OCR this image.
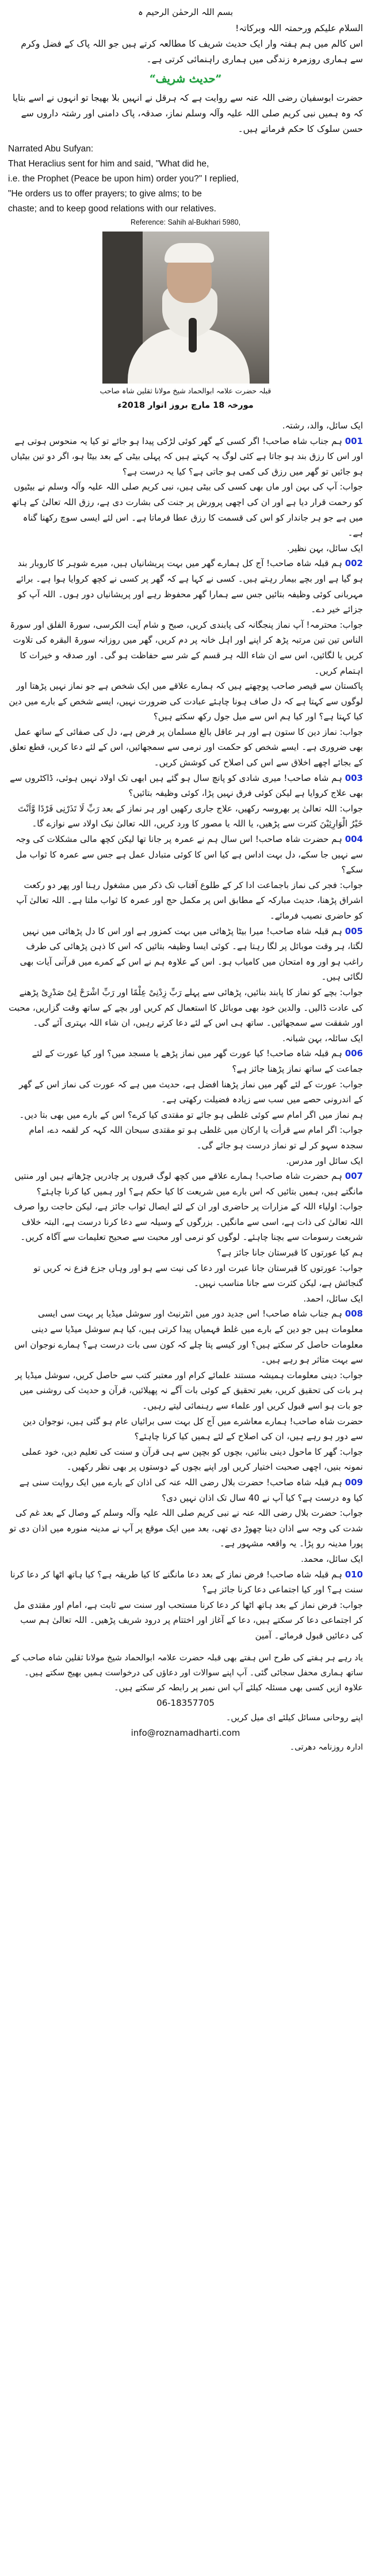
بسم اللہ الرحمٰن الرحیم ہ

السلام علیکم ورحمتہ اللہ وبرکاتہ!

اس کالم میں ہم ہفتہ وار ایک حدیث شریف کا مطالعہ کرتے ہیں جو اللہ پاک کے فضل وکرم سے ہماری روزمرہ زندگی میں ہماری راہنمائی کرتی ہے۔

”حدیث شریف“

حضرت ابوسفیان رضی اللہ عنہ سے روایت ہے کہ ہرقل نے انہیں بلا بھیجا تو انہوں نے اسے بتایا کہ وہ ہمیں نبی کریم صلی اللہ علیہ وآلہ وسلم نماز، صدقہ، پاک دامنی اور رشتہ داروں سے حسن سلوک کا حکم فرماتے ہیں۔

Narrated Abu Sufyan:

That Heraclius sent for him and said, "What did he,

i.e. the Prophet (Peace be upon him) order you?" I replied,

"He orders us to offer prayers; to give alms; to be

chaste; and to keep good relations with our relatives.

Reference: Sahih al-Bukhari 5980,

قبلہ حضرت علامہ ابوالحماد شیخ مولانا ثقلین شاہ صاحب

مورخہ 18 مارچ بروز اتوار 2018ء

ایک سائل، والد، رشتہ.

001 ہم جناب شاہ صاحب! اگر کسی کے گھر کوئی لڑکی پیدا ہو جائے تو کیا یہ منحوس ہوتی ہے اور اس کا رزق بند ہو جاتا ہے کئی لوگ یہ کہتے ہیں کہ پہلی بیٹی کے بعد بیٹا ہو، اگر دو تین بیٹیاں ہو جائیں تو گھر میں رزق کی کمی ہو جاتی ہے؟ کیا یہ درست ہے؟

جواب: آپ کی بہن اور ماں بھی کسی کی بیٹی ہیں، نبی کریم صلی اللہ علیہ وآلہ وسلم نے بیٹیوں کو رحمت قرار دیا ہے اور ان کی اچھی پرورش پر جنت کی بشارت دی ہے، رزق اللہ تعالیٰ کے ہاتھ میں ہے جو ہر جاندار کو اس کی قسمت کا رزق عطا فرماتا ہے۔ اس لئے ایسی سوچ رکھنا گناہ ہے۔

ایک سائل، بہن نظیر.

002 ہم قبلہ شاہ صاحب! آج کل ہمارے گھر میں بہت پریشانیاں ہیں، میرے شوہر کا کاروبار بند ہو گیا ہے اور بچے بیمار رہتے ہیں۔ کسی نے کہا ہے کہ گھر پر کسی نے کچھ کروایا ہوا ہے۔ برائے مہربانی کوئی وظیفہ بتائیں جس سے ہمارا گھر محفوظ رہے اور پریشانیاں دور ہوں۔ اللہ آپ کو جزائے خیر دے۔

جواب: محترمہ! آپ نماز پنجگانہ کی پابندی کریں، صبح و شام آیت الکرسی، سورۃ الفلق اور سورۃ الناس تین تین مرتبہ پڑھ کر اپنے اور اہل خانہ پر دم کریں، گھر میں روزانہ سورۃ البقرہ کی تلاوت کریں یا لگائیں، اس سے ان شاء اللہ ہر قسم کے شر سے حفاظت ہو گی۔ اور صدقہ و خیرات کا اہتمام کریں۔

پاکستان سے قیصر صاحب پوچھتے ہیں کہ ہمارے علاقے میں ایک شخص ہے جو نماز نہیں پڑھتا اور لوگوں سے کہتا ہے کہ دل صاف ہونا چاہئے عبادت کی ضرورت نہیں، ایسے شخص کے بارے میں دین کیا کہتا ہے؟ اور کیا ہم اس سے میل جول رکھ سکتے ہیں؟

جواب: نماز دین کا ستون ہے اور ہر عاقل بالغ مسلمان پر فرض ہے، دل کی صفائی کے ساتھ عمل بھی ضروری ہے۔ ایسے شخص کو حکمت اور نرمی سے سمجھائیں، اس کے لئے دعا کریں، قطع تعلق کے بجائے اچھے اخلاق سے اس کی اصلاح کی کوشش کریں۔

003 ہم شاہ صاحب! میری شادی کو پانچ سال ہو گئے ہیں ابھی تک اولاد نہیں ہوئی، ڈاکٹروں سے بھی علاج کروایا ہے لیکن کوئی فرق نہیں پڑا، کوئی وظیفہ بتائیں؟

جواب: اللہ تعالیٰ پر بھروسہ رکھیں، علاج جاری رکھیں اور ہر نماز کے بعد رَبِّ لَا تَذَرْنِی فَرْدًا وَّاَنْتَ خَیْرُ الْوَارِثِیْنَ کثرت سے پڑھیں، یا اللہ یا مصور کا ورد کریں، اللہ تعالیٰ نیک اولاد سے نوازے گا۔

004 ہم حضرت شاہ صاحب! اس سال ہم نے عمرہ پر جانا تھا لیکن کچھ مالی مشکلات کی وجہ سے نہیں جا سکے، دل بہت اداس ہے کیا اس کا کوئی متبادل عمل ہے جس سے عمرہ کا ثواب مل سکے؟

جواب: فجر کی نماز باجماعت ادا کر کے طلوع آفتاب تک ذکر میں مشغول رہنا اور پھر دو رکعت اشراق پڑھنا، حدیث مبارکہ کے مطابق اس پر مکمل حج اور عمرہ کا ثواب ملتا ہے۔ اللہ تعالیٰ آپ کو حاضری نصیب فرمائے۔

005 ہم قبلہ شاہ صاحب! میرا بیٹا پڑھائی میں بہت کمزور ہے اور اس کا دل پڑھائی میں نہیں لگتا، ہر وقت موبائل پر لگا رہتا ہے۔ کوئی ایسا وظیفہ بتائیں کہ اس کا ذہن پڑھائی کی طرف راغب ہو اور وہ امتحان میں کامیاب ہو۔ اس کے علاوہ ہم نے اس کے کمرے میں قرآنی آیات بھی لگائی ہیں۔

جواب: بچے کو نماز کا پابند بنائیں، پڑھائی سے پہلے رَبِّ زِدْنِیْ عِلْمًا اور رَبِّ اشْرَحْ لِیْ صَدْرِیْ پڑھنے کی عادت ڈالیں۔ والدین خود بھی موبائل کا استعمال کم کریں اور بچے کے ساتھ وقت گزاریں، محبت اور شفقت سے سمجھائیں۔ ساتھ ہی اس کے لئے دعا کرتے رہیں، ان شاء اللہ بہتری آئے گی۔

ایک سائلہ، بہن شبانہ.

006 ہم قبلہ شاہ صاحب! کیا عورت گھر میں نماز پڑھے یا مسجد میں؟ اور کیا عورت کے لئے جماعت کے ساتھ نماز پڑھنا جائز ہے؟

جواب: عورت کے لئے گھر میں نماز پڑھنا افضل ہے، حدیث میں ہے کہ عورت کی نماز اس کے گھر کے اندرونی حصے میں سب سے زیادہ فضیلت رکھتی ہے۔

ہم نماز میں اگر امام سے کوئی غلطی ہو جائے تو مقتدی کیا کرے؟ اس کے بارے میں بھی بتا دیں۔

جواب: اگر امام سے قرأت یا ارکان میں غلطی ہو تو مقتدی سبحان اللہ کہہ کر لقمہ دے، امام سجدہ سہو کر لے تو نماز درست ہو جائے گی۔

ایک سائل اور مدرس.

007 ہم حضرت شاہ صاحب! ہمارے علاقے میں کچھ لوگ قبروں پر چادریں چڑھاتے ہیں اور منتیں مانگتے ہیں، ہمیں بتائیں کہ اس بارے میں شریعت کا کیا حکم ہے؟ اور ہمیں کیا کرنا چاہئے؟

جواب: اولیاء اللہ کے مزارات پر حاضری اور ان کے لئے ایصال ثواب جائز ہے، لیکن حاجت روا صرف اللہ تعالیٰ کی ذات ہے، اسی سے مانگیں۔ بزرگوں کے وسیلہ سے دعا کرنا درست ہے، البتہ خلاف شریعت رسومات سے بچنا چاہئے۔ لوگوں کو نرمی اور محبت سے صحیح تعلیمات سے آگاہ کریں۔

ہم کیا عورتوں کا قبرستان جانا جائز ہے؟

جواب: عورتوں کا قبرستان جانا عبرت اور دعا کی نیت سے ہو اور وہاں جزع فزع نہ کریں تو گنجائش ہے، لیکن کثرت سے جانا مناسب نہیں۔

ایک سائل، احمد.

008 ہم جناب شاہ صاحب! اس جدید دور میں انٹرنیٹ اور سوشل میڈیا پر بہت سی ایسی معلومات ہیں جو دین کے بارے میں غلط فہمیاں پیدا کرتی ہیں، کیا ہم سوشل میڈیا سے دینی معلومات حاصل کر سکتے ہیں؟ اور کیسے پتا چلے کہ کون سی بات درست ہے؟ ہمارے نوجوان اس سے بہت متاثر ہو رہے ہیں۔

جواب: دینی معلومات ہمیشہ مستند علمائے کرام اور معتبر کتب سے حاصل کریں، سوشل میڈیا پر ہر بات کی تحقیق کریں، بغیر تحقیق کے کوئی بات آگے نہ پھیلائیں، قرآن و حدیث کی روشنی میں جو بات ہو اسے قبول کریں اور علماء سے رہنمائی لیتے رہیں۔

حضرت شاہ صاحب! ہمارے معاشرے میں آج کل بہت سی برائیاں عام ہو گئی ہیں، نوجوان دین سے دور ہو رہے ہیں، ان کی اصلاح کے لئے ہمیں کیا کرنا چاہئے؟

جواب: گھر کا ماحول دینی بنائیں، بچوں کو بچپن سے ہی قرآن و سنت کی تعلیم دیں، خود عملی نمونہ بنیں، اچھی صحبت اختیار کریں اور اپنے بچوں کے دوستوں پر بھی نظر رکھیں۔

009 ہم قبلہ شاہ صاحب! حضرت بلال رضی اللہ عنہ کی اذان کے بارے میں ایک روایت سنی ہے کیا وہ درست ہے؟ کیا آپ نے 40 سال تک اذان نہیں دی؟

جواب: حضرت بلال رضی اللہ عنہ نے نبی کریم صلی اللہ علیہ وآلہ وسلم کے وصال کے بعد غم کی شدت کی وجہ سے اذان دینا چھوڑ دی تھی، بعد میں ایک موقع پر آپ نے مدینہ منورہ میں اذان دی تو پورا مدینہ رو پڑا۔ یہ واقعہ مشہور ہے۔

ایک سائل، محمد.

010 ہم قبلہ شاہ صاحب! فرض نماز کے بعد دعا مانگنے کا کیا طریقہ ہے؟ کیا ہاتھ اٹھا کر دعا کرنا سنت ہے؟ اور کیا اجتماعی دعا کرنا جائز ہے؟

جواب: فرض نماز کے بعد ہاتھ اٹھا کر دعا کرنا مستحب اور سنت سے ثابت ہے، امام اور مقتدی مل کر اجتماعی دعا کر سکتے ہیں، دعا کے آغاز اور اختتام پر درود شریف پڑھیں۔ اللہ تعالیٰ ہم سب کی دعائیں قبول فرمائے۔ آمین

یاد رہے ہر ہفتے کی طرح اس ہفتے بھی قبلہ حضرت علامہ ابوالحماد شیخ مولانا ثقلین شاہ صاحب کے ساتھ ہماری محفل سجائی گئی۔ آپ اپنے سوالات اور دعاؤں کی درخواست ہمیں بھیج سکتے ہیں۔

علاوہ ازیں کسی بھی مسئلہ کیلئے آپ اس نمبر پر رابطہ کر سکتے ہیں۔

06-18357705

اپنے روحانی مسائل کیلئے ای میل کریں۔

info@roznamadharti.com

ادارہ روزنامہ دھرتی۔
